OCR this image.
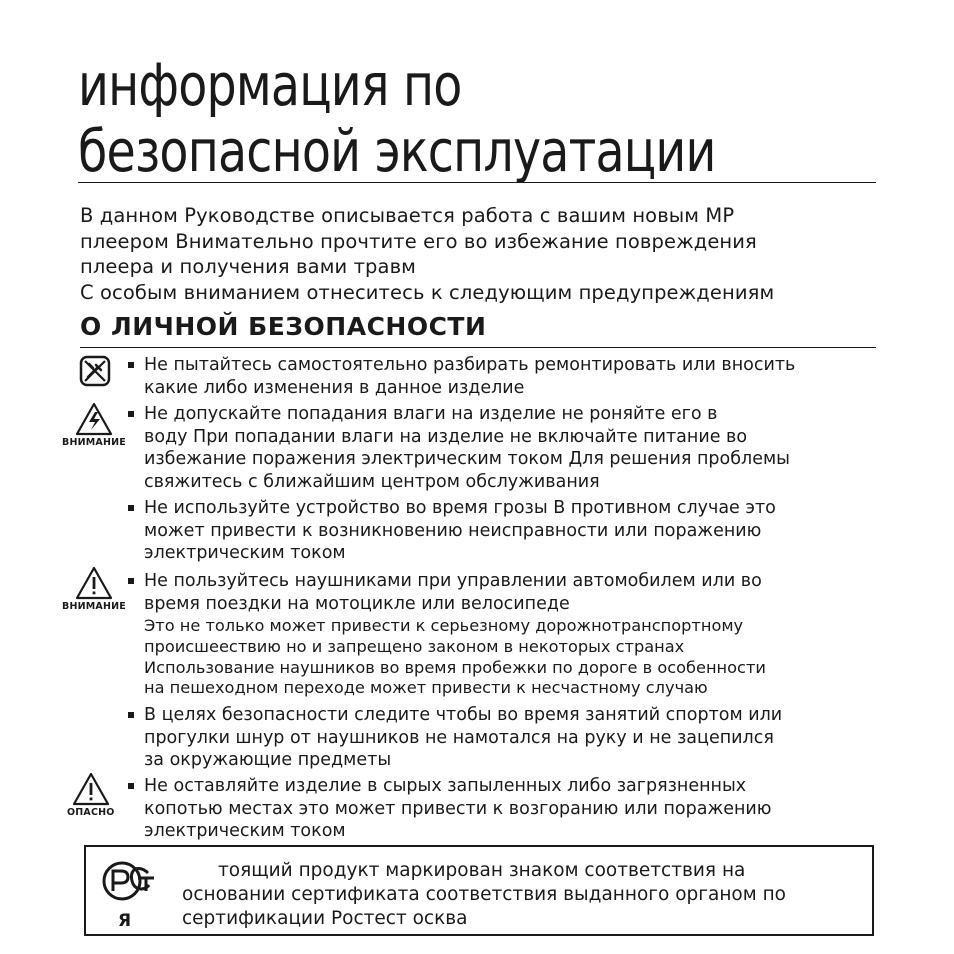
информация по
безопасной эксплуатации

В данном Руководстве описывается работа с вашим новым MP

плеером Внимательно прочтите его во избежание повреждения

плеера и получения вами травм

С особым вниманием отнеситесь к следующим предупреждениям

О ЛИЧНОЙ БЕЗОПАСНОСТИ
ВНИМАНИЕ
ВНИМАНИЕ
ОПАСНО
Не пытайтесь самостоятельно разбирать ремонтировать или вносить
какие либо изменения в данное изделие
Не допускайте попадания влаги на изделие не роняйте его в
воду При попадании влаги на изделие не включайте питание во
избежание поражения электрическим током Для решения проблемы
свяжитесь с ближайшим центром обслуживания
Не используйте устройство во время грозы В противном случае это
может привести к возникновению неисправности или поражению
электрическим током
Не пользуйтесь наушниками при управлении автомобилем или во
время поездки на мотоцикле или велосипеде
Это не только может привести к серьезному дорожнотранспортному
происшеествию но и запрещено законом в некоторых странах
Использование наушников во время пробежки по дороге в особенности
на пешеходном переходе может привести к несчастному случаю
В целях безопасности следите чтобы во время занятий спортом или
прогулки шнур от наушников не намотался на руку и не зацепился
за окружающие предметы
Не оставляйте изделие в сырых запыленных либо загрязненных
копотью местах это может привести к возгоранию или поражению
электрическим током
Я
тоящий продукт маркирован знаком соответствия на
основании сертификата соответствия выданного органом по
сертификации Ростест осква
